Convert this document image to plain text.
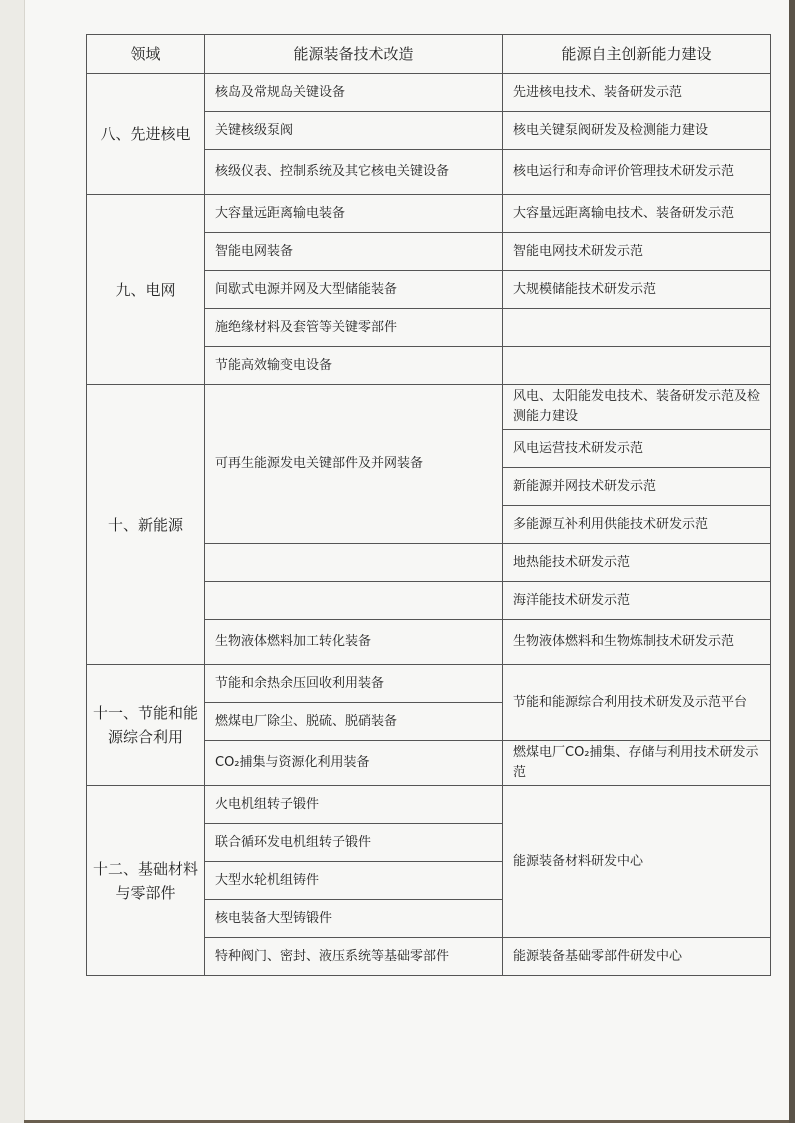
领域	能源装备技术改造	能源自主创新能力建设
八、先进核电	核岛及常规岛关键设备	先进核电技术、装备研发示范
	关键核级泵阀	核电关键泵阀研发及检测能力建设
	核级仪表、控制系统及其它核电关键设备	核电运行和寿命评价管理技术研发示范
九、电网	大容量远距离输电装备	大容量远距离输电技术、装备研发示范
	智能电网装备	智能电网技术研发示范
	间歇式电源并网及大型储能装备	大规模储能技术研发示范
	施绝缘材料及套管等关键零部件	
	节能高效输变电设备	
十、新能源	可再生能源发电关键部件及并网装备	风电、太阳能发电技术、装备研发示范及检测能力建设
		风电运营技术研发示范
		新能源并网技术研发示范
		多能源互补利用供能技术研发示范
		地热能技术研发示范
		海洋能技术研发示范
	生物液体燃料加工转化装备	生物液体燃料和生物炼制技术研发示范
十一、节能和能源综合利用	节能和余热余压回收利用装备	节能和能源综合利用技术研发及示范平台
	燃煤电厂除尘、脱硫、脱硝装备	
	CO₂捕集与资源化利用装备	燃煤电厂CO₂捕集、存储与利用技术研发示范
十二、基础材料与零部件	火电机组转子锻件	能源装备材料研发中心
	联合循环发电机组转子锻件	
	大型水轮机组铸件	
	核电装备大型铸锻件	
	特种阀门、密封、液压系统等基础零部件	能源装备基础零部件研发中心
